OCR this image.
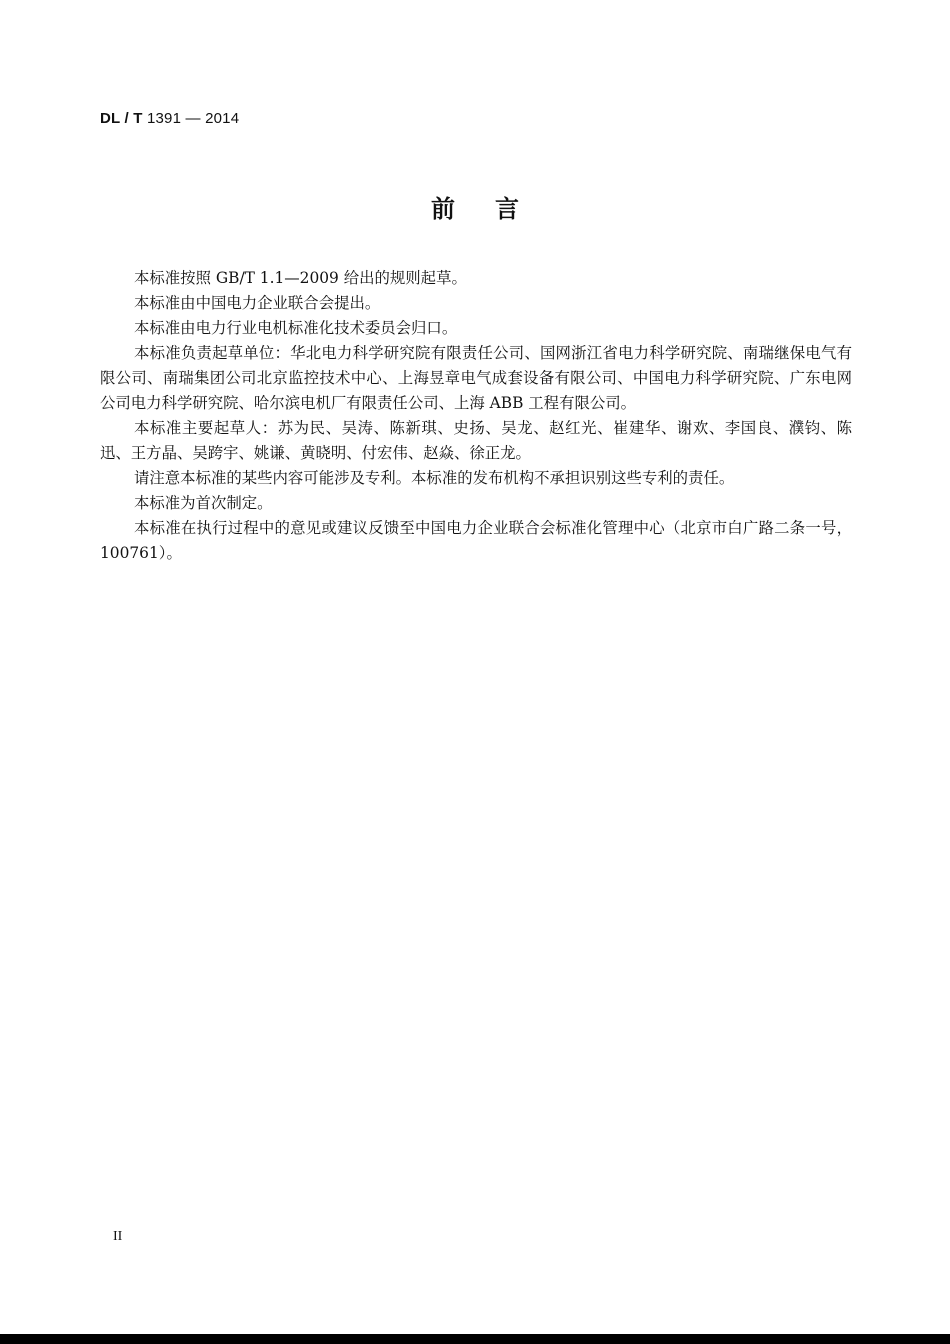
DL / T 1391 — 2014
前言

本标准按照 GB/T 1.1—2009 给出的规则起草。

本标准由中国电力企业联合会提出。

本标准由电力行业电机标准化技术委员会归口。

本标准负责起草单位：华北电力科学研究院有限责任公司、国网浙江省电力科学研究院、南瑞继保电气有限公司、南瑞集团公司北京监控技术中心、上海昱章电气成套设备有限公司、中国电力科学研究院、广东电网公司电力科学研究院、哈尔滨电机厂有限责任公司、上海 ABB 工程有限公司。

本标准主要起草人：苏为民、吴涛、陈新琪、史扬、吴龙、赵红光、崔建华、谢欢、李国良、濮钧、陈迅、王方晶、吴跨宇、姚谦、黄晓明、付宏伟、赵焱、徐正龙。

请注意本标准的某些内容可能涉及专利。本标准的发布机构不承担识别这些专利的责任。

本标准为首次制定。

本标准在执行过程中的意见或建议反馈至中国电力企业联合会标准化管理中心（北京市白广路二条一号，100761）。

II
